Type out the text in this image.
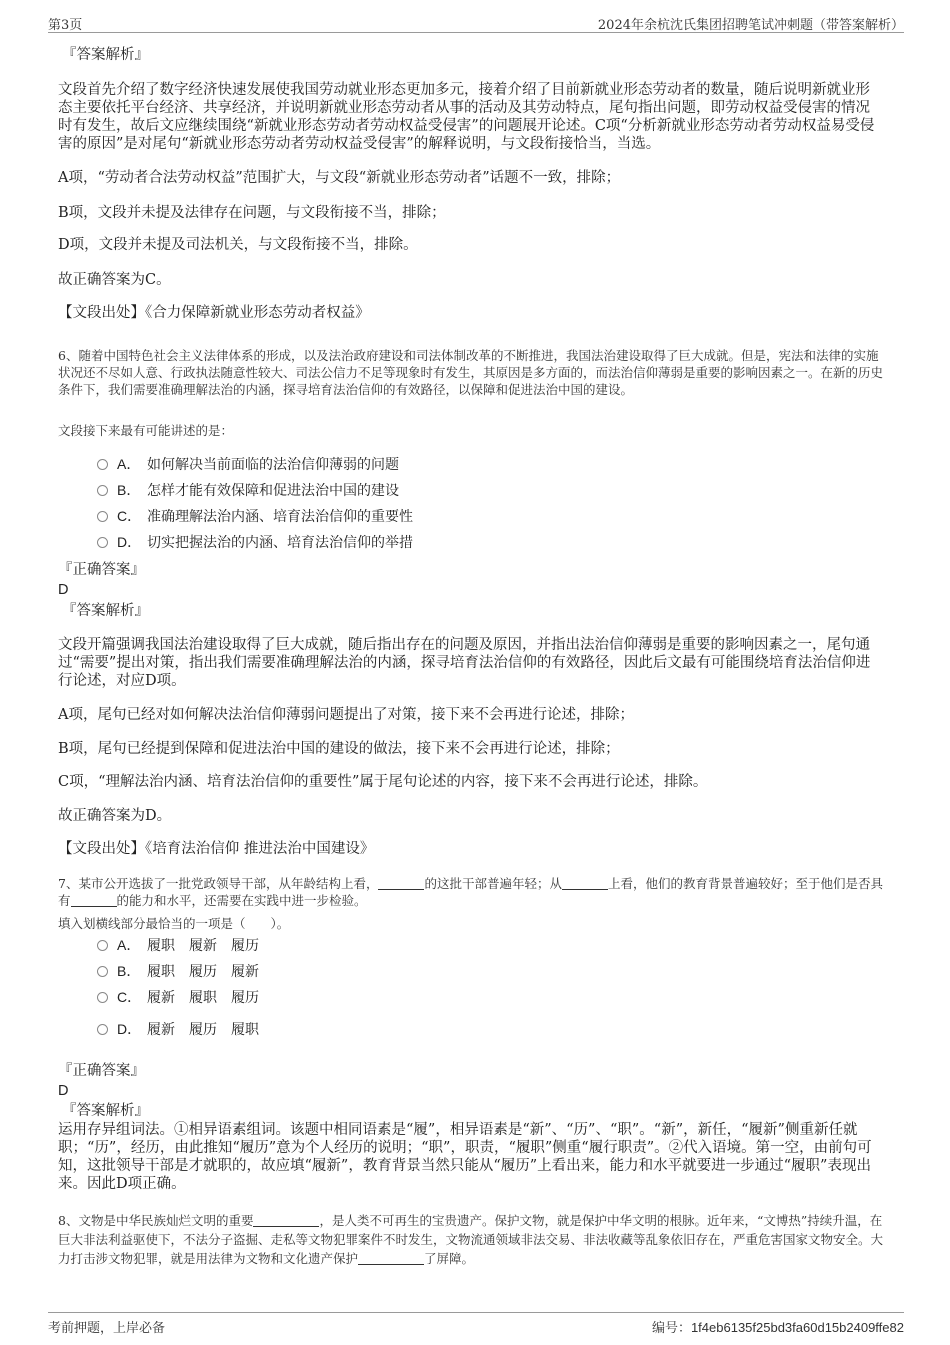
第3页	2024年余杭沈氏集团招聘笔试冲刺题（带答案解析）
『答案解析』
文段首先介绍了数字经济快速发展使我国劳动就业形态更加多元，接着介绍了目前新就业形态劳动者的数量，随后说明新就业形态主要依托平台经济、共享经济，并说明新就业形态劳动者从事的活动及其劳动特点，尾句指出问题，即劳动权益受侵害的情况时有发生，故后文应继续围绕“新就业形态劳动者劳动权益受侵害”的问题展开论述。C项“分析新就业形态劳动者劳动权益易受侵害的原因”是对尾句“新就业形态劳动者劳动权益受侵害”的解释说明，与文段衔接恰当，当选。
A项，“劳动者合法劳动权益”范围扩大，与文段“新就业形态劳动者”话题不一致，排除；
B项，文段并未提及法律存在问题，与文段衔接不当，排除；
D项，文段并未提及司法机关，与文段衔接不当，排除。
故正确答案为C。
【文段出处】《合力保障新就业形态劳动者权益》
6、随着中国特色社会主义法律体系的形成，以及法治政府建设和司法体制改革的不断推进，我国法治建设取得了巨大成就。但是，宪法和法律的实施状况还不尽如人意、行政执法随意性较大、司法公信力不足等现象时有发生，其原因是多方面的，而法治信仰薄弱是重要的影响因素之一。在新的历史条件下，我们需要准确理解法治的内涵，探寻培育法治信仰的有效路径，以保障和促进法治中国的建设。
文段接下来最有可能讲述的是：
A． 如何解决当前面临的法治信仰薄弱的问题
B． 怎样才能有效保障和促进法治中国的建设
C． 准确理解法治内涵、培育法治信仰的重要性
D． 切实把握法治的内涵、培育法治信仰的举措
『正确答案』
D
『答案解析』
文段开篇强调我国法治建设取得了巨大成就，随后指出存在的问题及原因，并指出法治信仰薄弱是重要的影响因素之一，尾句通过“需要”提出对策，指出我们需要准确理解法治的内涵，探寻培育法治信仰的有效路径，因此后文最有可能围绕培育法治信仰进行论述，对应D项。
A项，尾句已经对如何解决法治信仰薄弱问题提出了对策，接下来不会再进行论述，排除；
B项，尾句已经提到保障和促进法治中国的建设的做法，接下来不会再进行论述，排除；
C项，“理解法治内涵、培育法治信仰的重要性”属于尾句论述的内容，接下来不会再进行论述，排除。
故正确答案为D。
【文段出处】《培育法治信仰 推进法治中国建设》
7、某市公开选拔了一批党政领导干部，从年龄结构上看，	的这批干部普遍年轻；从	上看，他们的教育背景普遍较好；至于他们是否具有	的能力和水平，还需要在实践中进一步检验。
填入划横线部分最恰当的一项是（　　）。
A． 履职　履新　履历
B． 履职　履历　履新
C． 履新　履职　履历
D． 履新　履历　履职
『正确答案』
D
『答案解析』
运用存异组词法。①相异语素组词。该题中相同语素是“履”，相异语素是“新”、“历”、“职”。“新”，新任，“履新”侧重新任就职；“历”，经历，由此推知“履历”意为个人经历的说明；“职”，职责，“履职”侧重“履行职责”。②代入语境。第一空，由前句可知，这批领导干部是才就职的，故应填“履新”，教育背景当然只能从“履历”上看出来，能力和水平就要进一步通过“履职”表现出来。因此D项正确。
8、文物是中华民族灿烂文明的重要	，是人类不可再生的宝贵遗产。保护文物，就是保护中华文明的根脉。近年来，“文博热”持续升温，在巨大非法利益驱使下，不法分子盗掘、走私等文物犯罪案件不时发生，文物流通领域非法交易、非法收藏等乱象依旧存在，严重危害国家文物安全。大力打击涉文物犯罪，就是用法律为文物和文化遗产保护	了屏障。
考前押题，上岸必备	编号：1f4eb6135f25bd3fa60d15b2409ffe82
